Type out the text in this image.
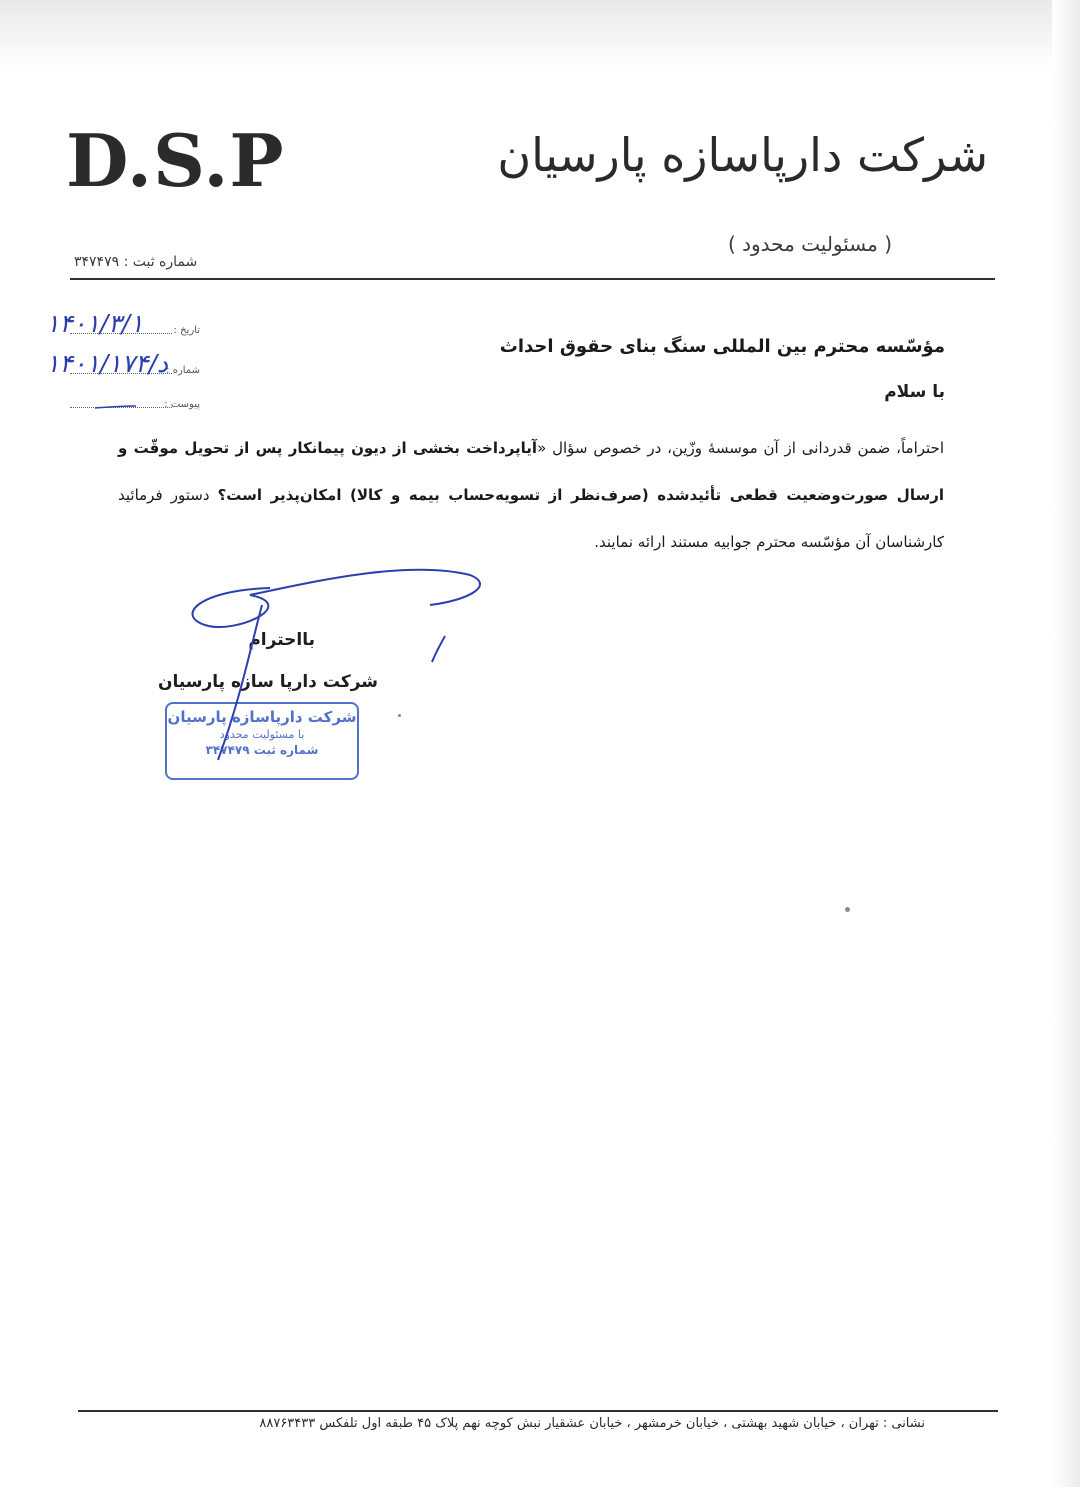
D.S.P	شرکت دارپاسازه پارسیان
( مسئولیت محدود )
شماره ثبت : ۳۴۷۴۷۹
تاریخ :
۱۴۰۱/۳/۱
شماره :
۱۴۰۱/د/۱۷۴
پیوست :
مؤسّسه محترم بین المللی سنگ بنای حقوق احداث
با سلام
احتراماً، ضمن قدردانی از آن موسسهٔ وزّین، در خصوص سؤال «آیاپرداخت بخشی از دیون پیمانکار پس از تحویل موقّت و ارسال صورت‌وضعیت قطعی تأئیدشده (صرف‌نظر از تسویه‌حساب بیمه و کالا) امکان‌پذیر است؟ دستور فرمائید کارشناسان آن مؤسّسه محترم جوابیه مستند ارائه نمایند.
بااحترام
شرکت دارپا سازه پارسیان
شرکت دارپاسازه پارسیان
با مسئولیت محدود
شماره ثبت ۳۴۷۴۷۹
نشانی : تهران ، خیابان شهید بهشتی ، خیابان خرمشهر ، خیابان عشقیار نبش کوچه نهم پلاک ۴۵ طبقه اول تلفکس ۸۸۷۶۳۴۳۳
